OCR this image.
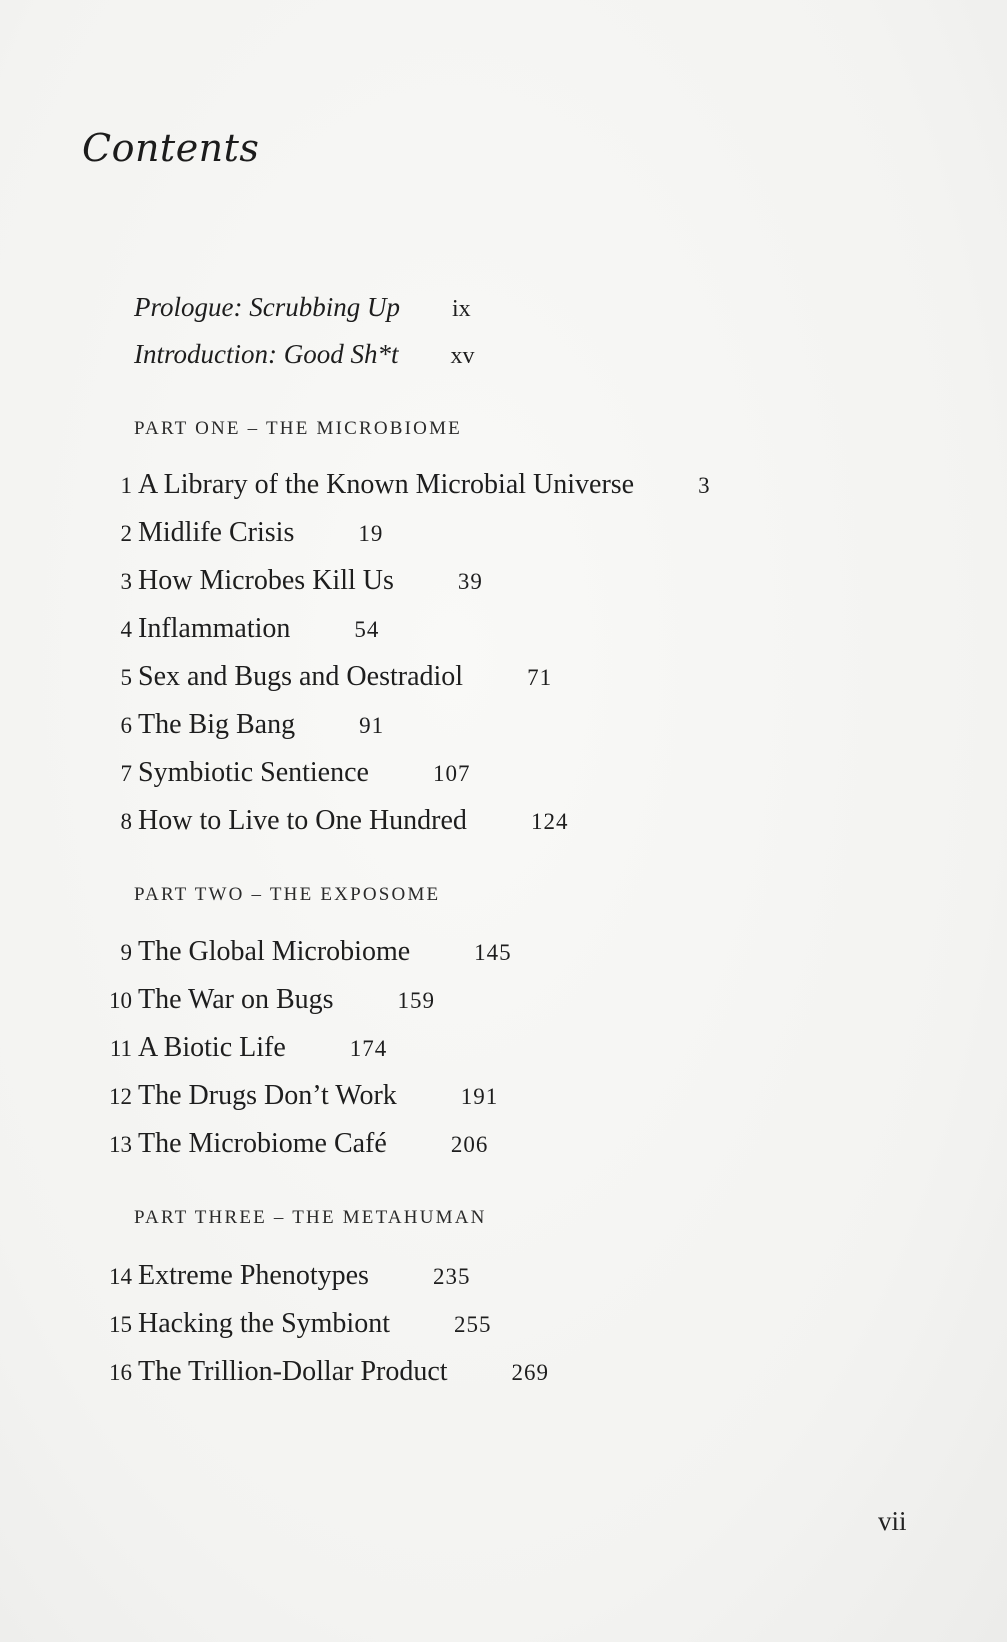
Contents
Prologue: Scrubbing Up ix
Introduction: Good Sh*t xv
PART ONE – THE MICROBIOME
1 A Library of the Known Microbial Universe	3
2 Midlife Crisis	19
3 How Microbes Kill Us	39
4 Inflammation	54
5 Sex and Bugs and Oestradiol	71
6 The Big Bang	91
7 Symbiotic Sentience	107
8 How to Live to One Hundred	124
PART TWO – THE EXPOSOME
9 The Global Microbiome	145
10 The War on Bugs	159
11 A Biotic Life	174
12 The Drugs Don’t Work	191
13 The Microbiome Café	206
PART THREE – THE METAHUMAN
14 Extreme Phenotypes	235
15 Hacking the Symbiont	255
16 The Trillion-Dollar Product	269
vii
